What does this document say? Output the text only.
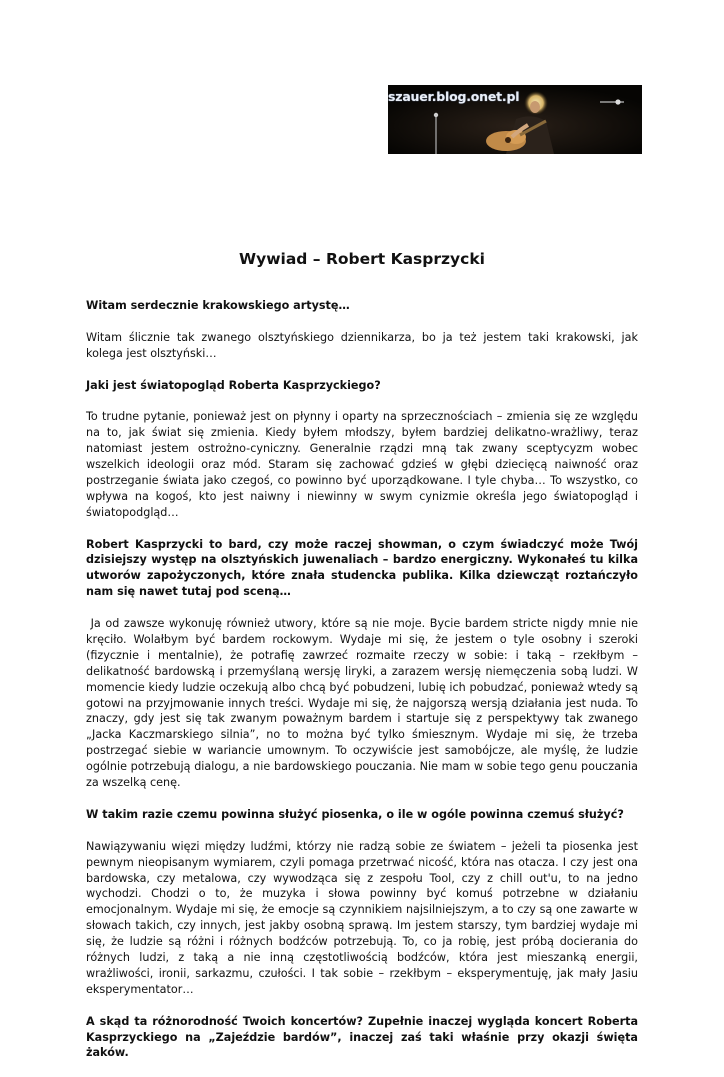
szauer.blog.onet.pl
Wywiad – Robert Kasprzycki

Witam serdecznie krakowskiego artystę…

Witam ślicznie tak zwanego olsztyńskiego dziennikarza, bo ja też jestem taki krakowski, jak kolega jest olsztyński…

Jaki jest światopogląd Roberta Kasprzyckiego?

To trudne pytanie, ponieważ jest on płynny i oparty na sprzecznościach – zmienia się ze względu na to, jak świat się zmienia. Kiedy byłem młodszy, byłem bardziej delikatno-wrażliwy, teraz natomiast jestem ostrożno-cyniczny. Generalnie rządzi mną tak zwany sceptycyzm wobec wszelkich ideologii oraz mód. Staram się zachować gdzieś w głębi dziecięcą naiwność oraz postrzeganie świata jako czegoś, co powinno być uporządkowane. I tyle chyba… To wszystko, co wpływa na kogoś, kto jest naiwny i niewinny w swym cynizmie określa jego światopogląd i światopodgląd…

Robert Kasprzycki to bard, czy może raczej showman, o czym świadczyć może Twój dzisiejszy występ na olsztyńskich juwenaliach – bardzo energiczny. Wykonałeś tu kilka utworów zapożyczonych, które znała studencka publika. Kilka dziewcząt roztańczyło nam się nawet tutaj pod sceną…

Ja od zawsze wykonuję również utwory, które są nie moje. Bycie bardem stricte nigdy mnie nie kręciło. Wolałbym być bardem rockowym. Wydaje mi się, że jestem o tyle osobny i szeroki (fizycznie i mentalnie), że potrafię zawrzeć rozmaite rzeczy w sobie: i taką – rzekłbym – delikatność bardowską i przemyślaną wersję liryki, a zarazem wersję niemęczenia sobą ludzi. W momencie kiedy ludzie oczekują albo chcą być pobudzeni, lubię ich pobudzać, ponieważ wtedy są gotowi na przyjmowanie innych treści. Wydaje mi się, że najgorszą wersją działania jest nuda. To znaczy, gdy jest się tak zwanym poważnym bardem i startuje się z perspektywy tak zwanego „Jacka Kaczmarskiego silnia”, no to można być tylko śmiesznym. Wydaje mi się, że trzeba postrzegać siebie w wariancie umownym. To oczywiście jest samobójcze, ale myślę, że ludzie ogólnie potrzebują dialogu, a nie bardowskiego pouczania. Nie mam w sobie tego genu pouczania za wszelką cenę.

W takim razie czemu powinna służyć piosenka, o ile w ogóle powinna czemuś służyć?

Nawiązywaniu więzi między ludźmi, którzy nie radzą sobie ze światem – jeżeli ta piosenka jest pewnym nieopisanym wymiarem, czyli pomaga przetrwać nicość, która nas otacza. I czy jest ona bardowska, czy metalowa, czy wywodząca się z zespołu Tool, czy z chill out'u, to na jedno wychodzi. Chodzi o to, że muzyka i słowa powinny być komuś potrzebne w działaniu emocjonalnym. Wydaje mi się, że emocje są czynnikiem najsilniejszym, a to czy są one zawarte w słowach takich, czy innych, jest jakby osobną sprawą. Im jestem starszy, tym bardziej wydaje mi się, że ludzie są różni i różnych bodźców potrzebują. To, co ja robię, jest próbą docierania do różnych ludzi, z taką a nie inną częstotliwością bodźców, która jest mieszanką energii, wrażliwości, ironii, sarkazmu, czułości. I tak sobie – rzekłbym – eksperymentuję, jak mały Jasiu eksperymentator…

A skąd ta różnorodność Twoich koncertów? Zupełnie inaczej wygląda koncert Roberta Kasprzyckiego na „Zajeździe bardów”, inaczej zaś taki właśnie przy okazji święta żaków.
